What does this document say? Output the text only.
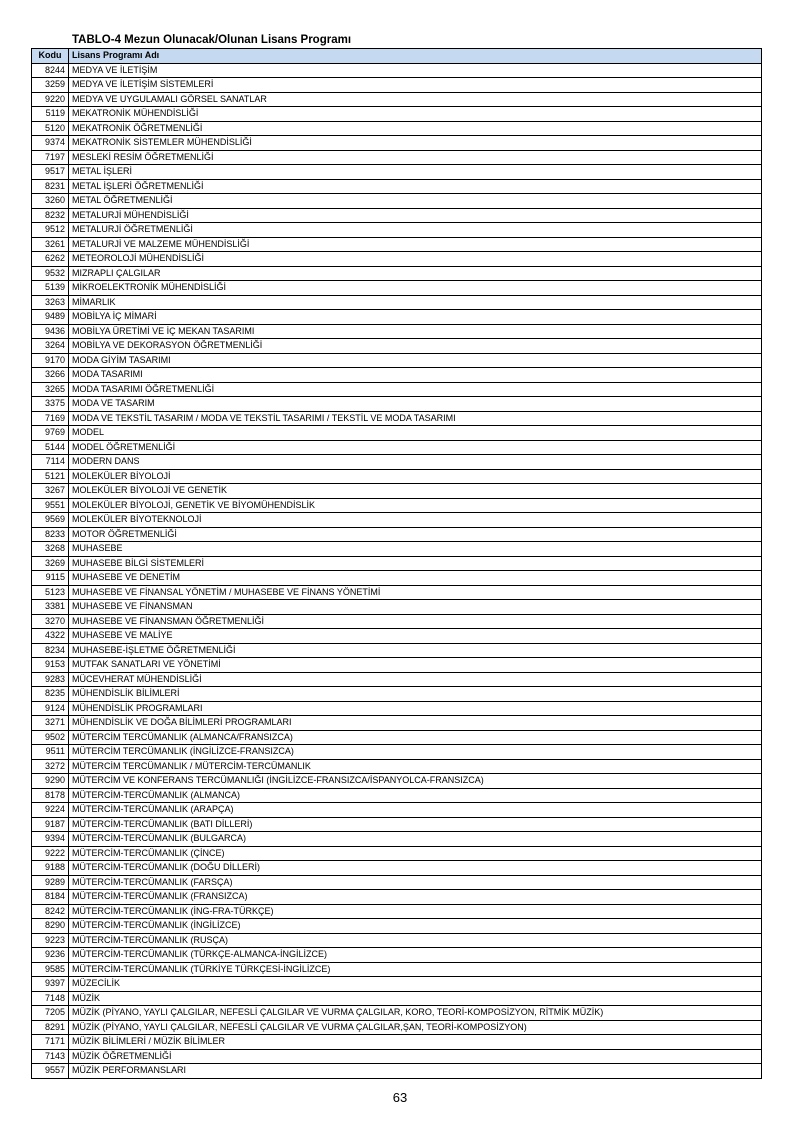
TABLO-4 Mezun Olunacak/Olunan Lisans Programı
Kodu	Lisans Programı Adı
8244	MEDYA VE İLETİŞİM
3259	MEDYA VE İLETİŞİM SİSTEMLERİ
9220	MEDYA VE UYGULAMALI GÖRSEL SANATLAR
5119	MEKATRONİK MÜHENDİSLİĞİ
5120	MEKATRONİK ÖĞRETMENLİĞİ
9374	MEKATRONİK SİSTEMLER MÜHENDİSLİĞİ
7197	MESLEKİ RESİM ÖĞRETMENLİĞİ
9517	METAL İŞLERİ
8231	METAL İŞLERİ ÖĞRETMENLİĞİ
3260	METAL ÖĞRETMENLİĞİ
8232	METALURJİ MÜHENDİSLİĞİ
9512	METALURJİ ÖĞRETMENLİĞİ
3261	METALURJİ VE MALZEME MÜHENDİSLİĞİ
6262	METEOROLOJİ MÜHENDİSLİĞİ
9532	MIZRAPLI ÇALGILAR
5139	MİKROELEKTRONİK MÜHENDİSLİĞİ
3263	MİMARLIK
9489	MOBİLYA İÇ MİMARİ
9436	MOBİLYA ÜRETİMİ VE İÇ MEKAN TASARIMI
3264	MOBİLYA VE DEKORASYON ÖĞRETMENLİĞİ
9170	MODA GİYİM TASARIMI
3266	MODA TASARIMI
3265	MODA TASARIMI ÖĞRETMENLİĞİ
3375	MODA VE TASARIM
7169	MODA VE TEKSTİL TASARIM / MODA VE TEKSTİL TASARIMI / TEKSTİL VE MODA TASARIMI
9769	MODEL
5144	MODEL ÖĞRETMENLİĞİ
7114	MODERN DANS
5121	MOLEKÜLER BİYOLOJİ
3267	MOLEKÜLER BİYOLOJİ VE GENETİK
9551	MOLEKÜLER BİYOLOJİ, GENETİK VE BİYOMÜHENDİSLİK
9569	MOLEKÜLER BİYOTEKNOLOJİ
8233	MOTOR ÖĞRETMENLİĞİ
3268	MUHASEBE
3269	MUHASEBE BİLGİ SİSTEMLERİ
9115	MUHASEBE VE DENETİM
5123	MUHASEBE VE FİNANSAL YÖNETİM / MUHASEBE VE FİNANS YÖNETİMİ
3381	MUHASEBE VE FİNANSMAN
3270	MUHASEBE VE FİNANSMAN ÖĞRETMENLİĞİ
4322	MUHASEBE VE MALİYE
8234	MUHASEBE-İŞLETME ÖĞRETMENLİĞİ
9153	MUTFAK SANATLARI VE YÖNETİMİ
9283	MÜCEVHERAT MÜHENDİSLİĞİ
8235	MÜHENDİSLİK BİLİMLERİ
9124	MÜHENDİSLİK PROGRAMLARI
3271	MÜHENDİSLİK VE DOĞA BİLİMLERİ PROGRAMLARI
9502	MÜTERCİM TERCÜMANLIK (ALMANCA/FRANSIZCA)
9511	MÜTERCİM TERCÜMANLIK (İNGİLİZCE-FRANSIZCA)
3272	MÜTERCİM TERCÜMANLIK / MÜTERCİM-TERCÜMANLIK
9290	MÜTERCİM VE KONFERANS TERCÜMANLIĞI (İNGİLİZCE-FRANSIZCA/İSPANYOLCA-FRANSIZCA)
8178	MÜTERCİM-TERCÜMANLIK (ALMANCA)
9224	MÜTERCİM-TERCÜMANLIK (ARAPÇA)
9187	MÜTERCİM-TERCÜMANLIK (BATI DİLLERİ)
9394	MÜTERCİM-TERCÜMANLIK (BULGARCA)
9222	MÜTERCİM-TERCÜMANLIK (ÇİNCE)
9188	MÜTERCİM-TERCÜMANLIK (DOĞU DİLLERİ)
9289	MÜTERCİM-TERCÜMANLIK (FARSÇA)
8184	MÜTERCİM-TERCÜMANLIK (FRANSIZCA)
8242	MÜTERCİM-TERCÜMANLIK (İNG-FRA-TÜRKÇE)
8290	MÜTERCİM-TERCÜMANLIK (İNGİLİZCE)
9223	MÜTERCİM-TERCÜMANLIK (RUSÇA)
9236	MÜTERCİM-TERCÜMANLIK (TÜRKÇE-ALMANCA-İNGİLİZCE)
9585	MÜTERCİM-TERCÜMANLIK (TÜRKİYE TÜRKÇESİ-İNGİLİZCE)
9397	MÜZECİLİK
7148	MÜZİK
7205	MÜZİK (PİYANO, YAYLI ÇALGILAR, NEFESLİ ÇALGILAR VE VURMA ÇALGILAR, KORO, TEORİ-KOMPOSİZYON, RİTMİK MÜZİK)
8291	MÜZİK (PİYANO, YAYLI ÇALGILAR, NEFESLİ ÇALGILAR VE VURMA ÇALGILAR,ŞAN, TEORİ-KOMPOSİZYON)
7171	MÜZİK BİLİMLERİ / MÜZİK BİLİMLER
7143	MÜZİK ÖĞRETMENLİĞİ
9557	MÜZİK PERFORMANSLARI
63
